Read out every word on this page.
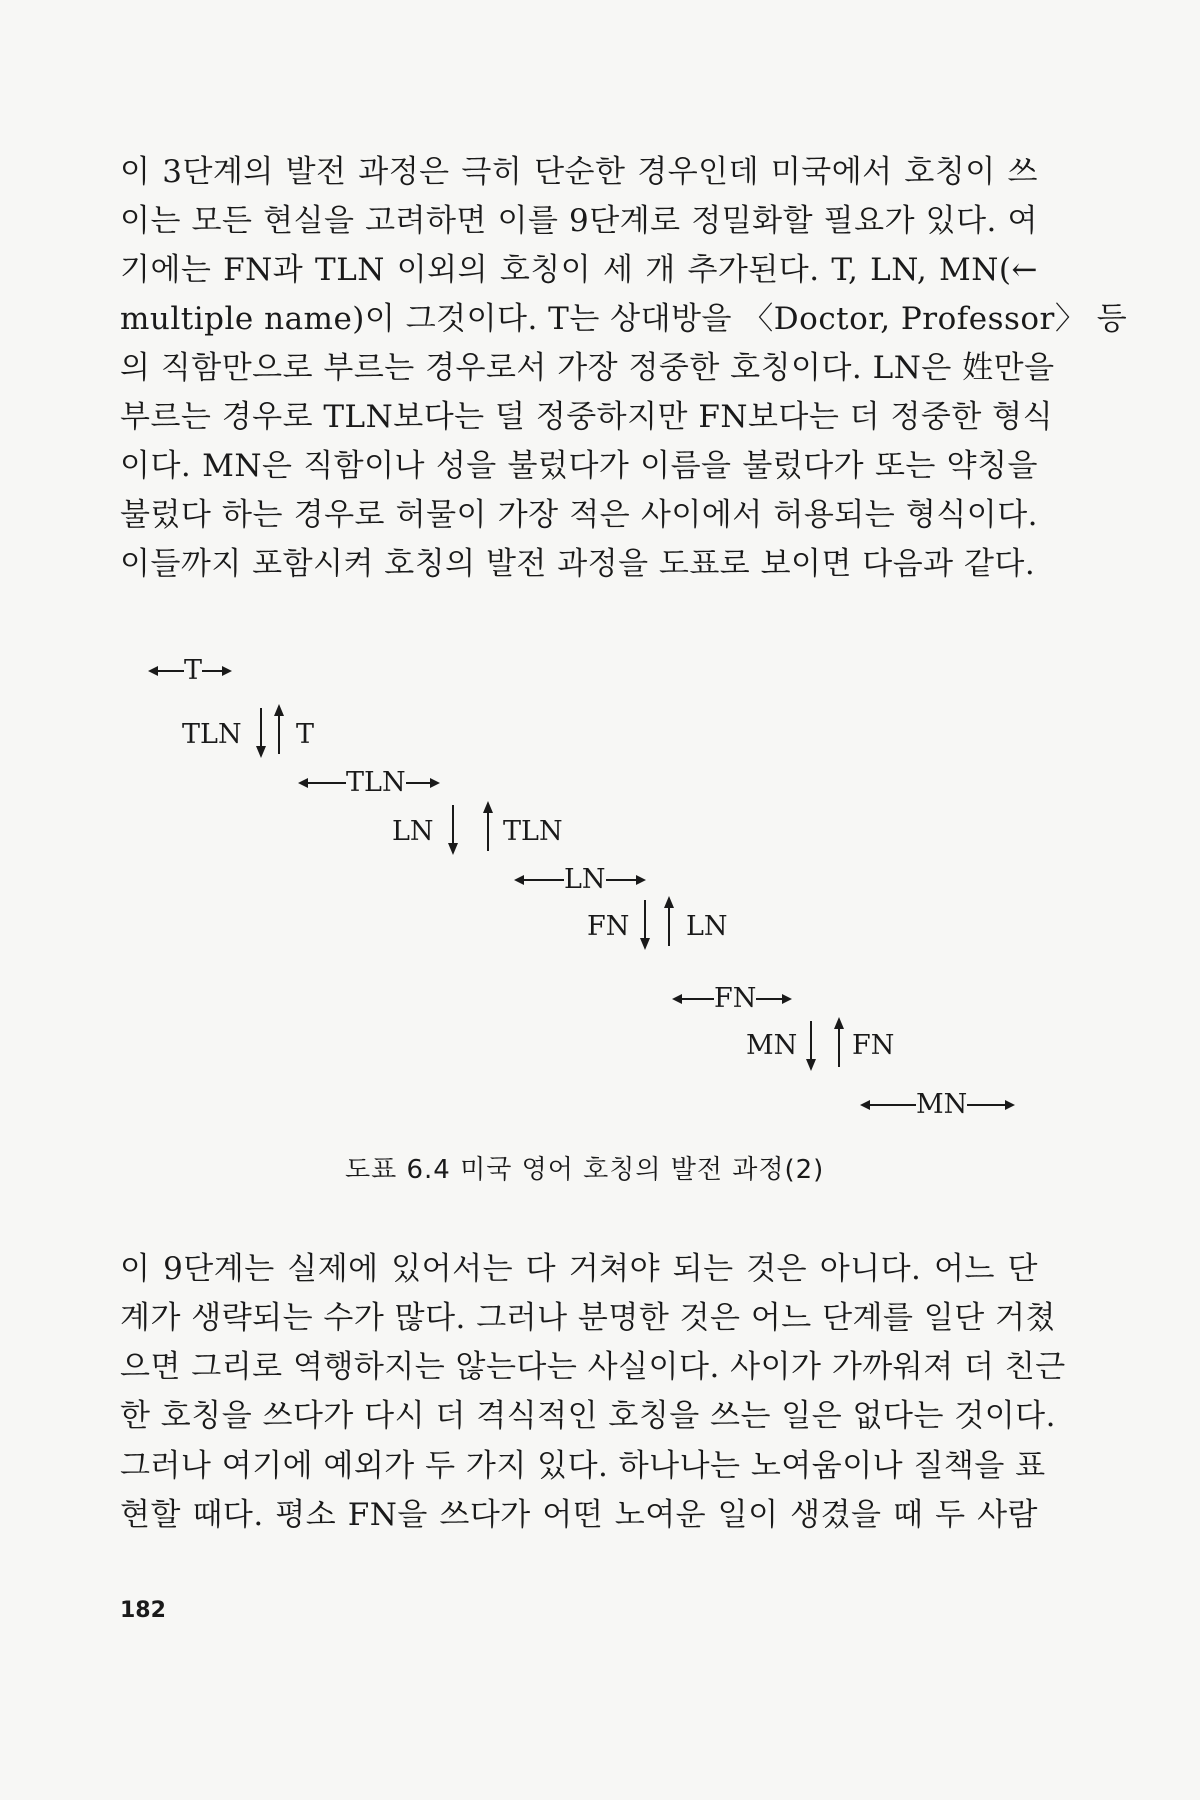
이 3단계의 발전 과정은 극히 단순한 경우인데 미국에서 호칭이 쓰
이는 모든 현실을 고려하면 이를 9단계로 정밀화할 필요가 있다. 여
기에는 FN과 TLN 이외의 호칭이 세 개 추가된다. T, LN, MN(←
multiple name)이 그것이다. T는 상대방을 〈Doctor, Professor〉 등
의 직함만으로 부르는 경우로서 가장 정중한 호칭이다. LN은 姓만을
부르는 경우로 TLN보다는 덜 정중하지만 FN보다는 더 정중한 형식
이다. MN은 직함이나 성을 불렀다가 이름을 불렀다가 또는 약칭을
불렀다 하는 경우로 허물이 가장 적은 사이에서 허용되는 형식이다.
이들까지 포함시켜 호칭의 발전 과정을 도표로 보이면 다음과 같다.
T
TLN T
TLN
LN	TLN
LN
FN LN
FN
MN FN
MN
도표 6.4 미국 영어 호칭의 발전 과정(2)
이 9단계는 실제에 있어서는 다 거쳐야 되는 것은 아니다. 어느 단
계가 생략되는 수가 많다. 그러나 분명한 것은 어느 단계를 일단 거쳤
으면 그리로 역행하지는 않는다는 사실이다. 사이가 가까워져 더 친근
한 호칭을 쓰다가 다시 더 격식적인 호칭을 쓰는 일은 없다는 것이다.
그러나 여기에 예외가 두 가지 있다. 하나나는 노여움이나 질책을 표
현할 때다. 평소 FN을 쓰다가 어떤 노여운 일이 생겼을 때 두 사람
182
